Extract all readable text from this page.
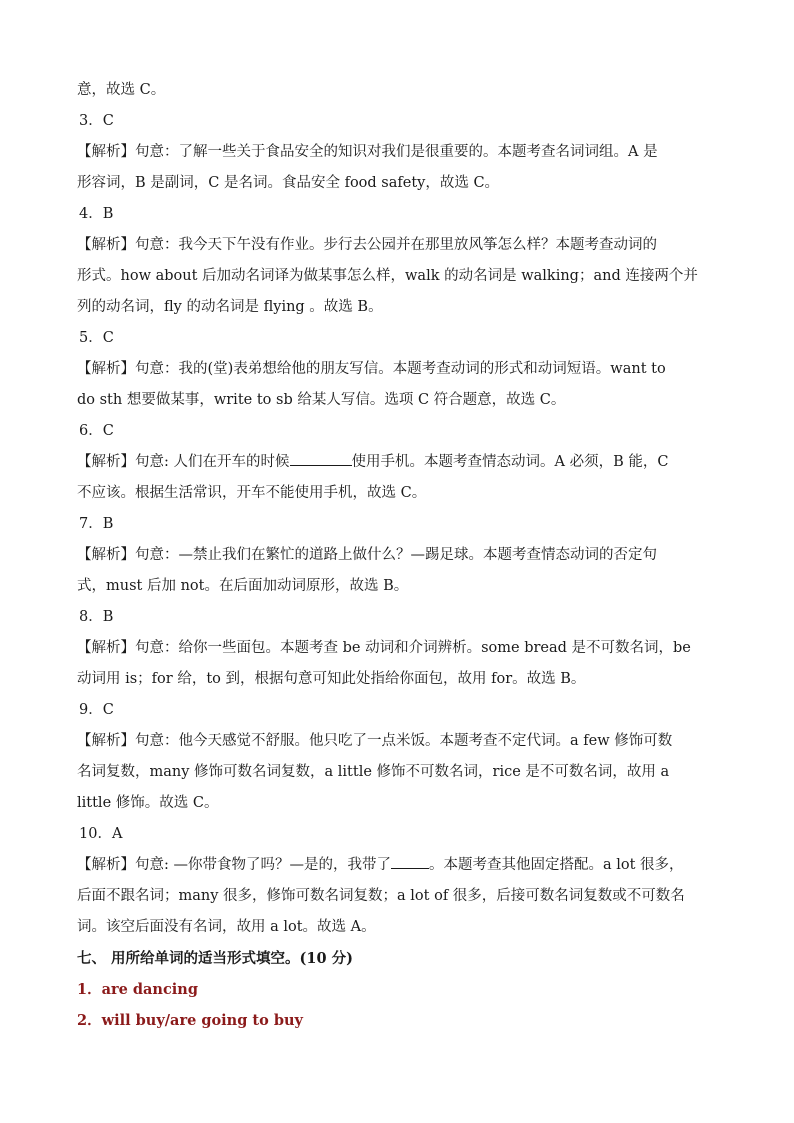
意，故选 C。
3．C
【解析】句意：了解一些关于食品安全的知识对我们是很重要的。本题考查名词词组。A 是
形容词，B 是副词，C 是名词。食品安全 food safety，故选 C。
4．B
【解析】句意：我今天下午没有作业。步行去公园并在那里放风筝怎么样？本题考查动词的
形式。how about 后加动名词译为做某事怎么样，walk 的动名词是 walking；and 连接两个并
列的动名词，fly 的动名词是 flying 。故选 B。
5．C
【解析】句意：我的(堂)表弟想给他的朋友写信。本题考查动词的形式和动词短语。want to
do sth 想要做某事，write to sb 给某人写信。选项 C 符合题意，故选 C。
6．C
【解析】句意: 人们在开车的时候	使用手机。本题考查情态动词。A 必须，B 能，C
不应该。根据生活常识，开车不能使用手机，故选 C。
7．B
【解析】句意：—禁止我们在繁忙的道路上做什么？—踢足球。本题考查情态动词的否定句
式，must 后加 not。在后面加动词原形，故选 B。
8．B
【解析】句意：给你一些面包。本题考查 be 动词和介词辨析。some bread 是不可数名词，be
动词用 is；for 给，to 到，根据句意可知此处指给你面包，故用 for。故选 B。
9．C
【解析】句意：他今天感觉不舒服。他只吃了一点米饭。本题考查不定代词。a few 修饰可数
名词复数，many 修饰可数名词复数，a little 修饰不可数名词，rice 是不可数名词，故用 a
little 修饰。故选 C。
10．A
【解析】句意: —你带食物了吗？—是的，我带了	。本题考查其他固定搭配。a lot 很多，
后面不跟名词；many 很多，修饰可数名词复数；a lot of 很多，后接可数名词复数或不可数名
词。该空后面没有名词，故用 a lot。故选 A。
七、 用所给单词的适当形式填空。(10 分)
1．are dancing
2．will buy/are going to buy
